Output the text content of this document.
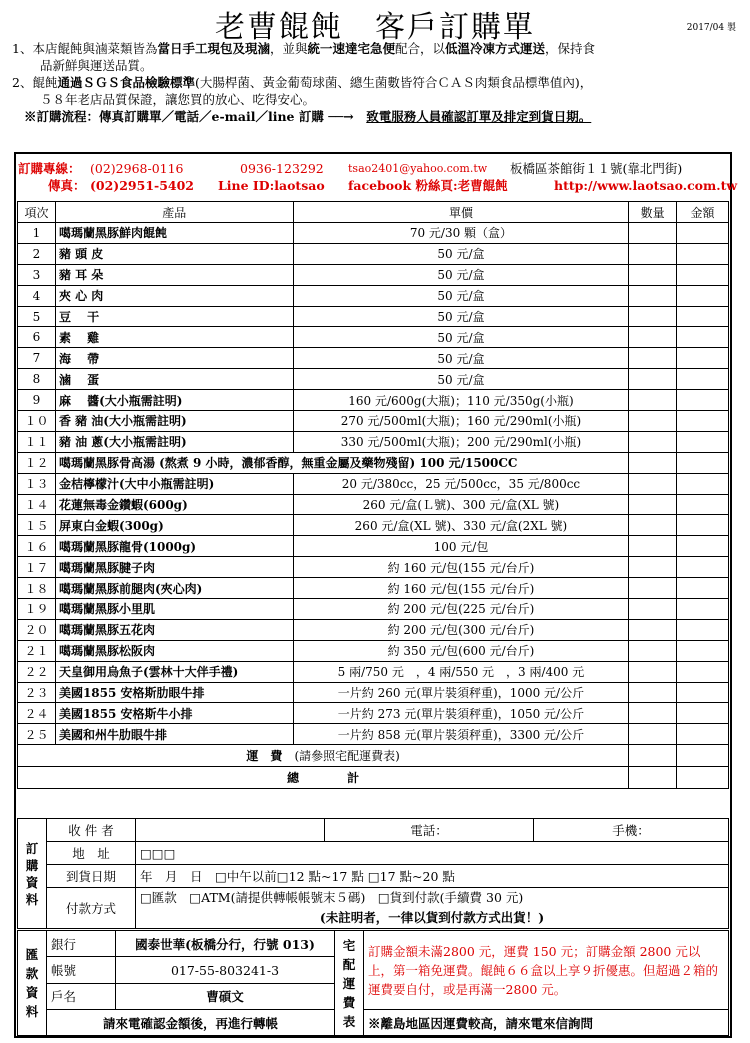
老曹餛飩　客戶訂購單	2017/04 製

1、本店餛飩與滷菜類皆為當日手工現包及現滷，並與統一速達宅急便配合，以低溫冷凍方式運送，保持食

品新鮮與運送品質。

2、餛飩通過ＳＧＳ食品檢驗標準(大腸桿菌、黃金葡萄球菌、總生菌數皆符合ＣＡＳ肉類食品標準值內)，

５８年老店品質保證，讓您買的放心、吃得安心。

※訂購流程：傳真訂購單／電話／e-mail／line 訂購 ──→　 致電服務人員確認訂單及排定到貨日期。

訂購專線： (02)2968-0116	0936-123292 tsao2401@yahoo.com.tw 板橋區茶館街１１號(靠北門街)
傳真： (02)2951-5402 Line ID:laotsao facebook 粉絲頁:老曹餛飩	http://www.laotsao.com.tw
項次	產品	單價	數量	金額
1	噶瑪蘭黑豚鮮肉餛飩	70 元/30 顆（盒）		
2	豬 頭 皮	50 元/盒		
3	豬 耳 朵	50 元/盒		
4	夾 心 肉	50 元/盒		
5	豆　 干	50 元/盒		
6	素　 雞	50 元/盒		
7	海　 帶	50 元/盒		
8	滷　 蛋	50 元/盒		
9	麻　 醬(大小瓶需註明)	160 元/600g(大瓶)；110 元/350g(小瓶)		
１０	香 豬 油(大小瓶需註明)	270 元/500ml(大瓶)；160 元/290ml(小瓶)		
１１	豬 油 蔥(大小瓶需註明)	330 元/500ml(大瓶)；200 元/290ml(小瓶)		
１２	噶瑪蘭黑豚骨高湯 (熬煮 9 小時，濃郁香醇，無重金屬及藥物殘留) 100 元/1500CC			
１３	金桔檸檬汁(大中小瓶需註明)	20 元/380cc，25 元/500cc，35 元/800cc		
１４	花蓮無毒金鑽蝦(600g)	260 元/盒(Ｌ號)、300 元/盒(XL 號)		
１５	屏東白金蝦(300g)	260 元/盒(XL 號)、330 元/盒(2XL 號)		
１６	噶瑪蘭黑豚龍骨(1000g)	100 元/包		
１７	噶瑪蘭黑豚腱子肉	約 160 元/包(155 元/台斤)		
１８	噶瑪蘭黑豚前腿肉(夾心肉)	約 160 元/包(155 元/台斤)		
１９	噶瑪蘭黑豚小里肌	約 200 元/包(225 元/台斤)		
２０	噶瑪蘭黑豚五花肉	約 200 元/包(300 元/台斤)		
２１	噶瑪蘭黑豚松阪肉	約 350 元/包(600 元/台斤)		
２２	天皇御用烏魚子(雲林十大伴手禮)	5 兩/750 元　，4 兩/550 元　，3 兩/400 元		
２３	美國1855 安格斯肋眼牛排	一片約 260 元(單片裝須秤重)，1000 元/公斤		
２４	美國1855 安格斯牛小排	一片約 273 元(單片裝須秤重)，1050 元/公斤		
２５	美國和州牛肋眼牛排	一片約 858 元(單片裝須秤重)，3300 元/公斤		
運　費　 (請參照宅配運費表)				
總　　　　計				
訂購資料	收 件 者		電話：	手機：
	地　址	□□□		
	到貨日期	年　月　日　□中午以前□12 點~17 點 □17 點~20 點		
	付款方式	□匯款　□ATM(請提供轉帳帳號末５碼)　□貨到付款(手續費 30 元)
(未註明者，一律以貨到付款方式出貨！)		
匯款資料	銀行	國泰世華(板橋分行，行號 013)	宅配運費表	訂購金額未滿2800 元，運費 150 元；訂購金額 2800 元以上，第一箱免運費。餛飩６６盒以上享９折優惠。但超過２箱的運費要自付，或是再滿一2800 元。
	帳號	017-55-803241-3		
	戶名	曹碩文		
	請來電確認金額後，再進行轉帳			※離島地區因運費較高，請來電來信詢問
